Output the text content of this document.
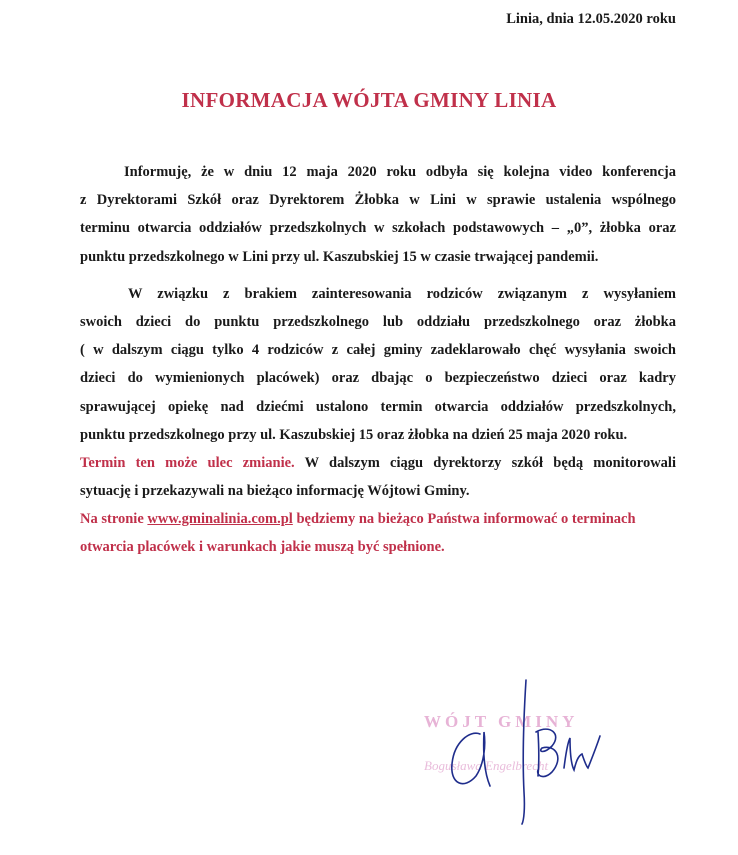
Linia, dnia 12.05.2020 roku
INFORMACJA WÓJTA GMINY LINIA
Informuję, że w dniu 12 maja 2020 roku odbyła się kolejna video konferencja
z Dyrektorami Szkół oraz Dyrektorem Żłobka w Lini w sprawie ustalenia wspólnego
terminu otwarcia oddziałów przedszkolnych w szkołach podstawowych – „0”, żłobka oraz
punktu przedszkolnego w Lini przy ul. Kaszubskiej 15 w czasie trwającej pandemii.
W związku z brakiem zainteresowania rodziców związanym z wysyłaniem
swoich dzieci do punktu przedszkolnego lub oddziału przedszkolnego oraz żłobka
( w dalszym ciągu tylko 4 rodziców z całej gminy zadeklarowało chęć wysyłania swoich
dzieci do wymienionych placówek) oraz dbając o bezpieczeństwo dzieci oraz kadry
sprawującej opiekę nad dziećmi ustalono termin otwarcia oddziałów przedszkolnych,
punktu przedszkolnego przy ul. Kaszubskiej 15 oraz żłobka na dzień 25 maja 2020 roku.
Termin ten może ulec zmianie. W dalszym ciągu dyrektorzy szkół będą monitorowali
sytuację i przekazywali na bieżąco informację Wójtowi Gminy.
Na stronie www.gminalinia.com.pl będziemy na bieżąco Państwa informować o terminach
otwarcia placówek i warunkach jakie muszą być spełnione.
WÓJT GMINY
Bogusława Engelbrecht
